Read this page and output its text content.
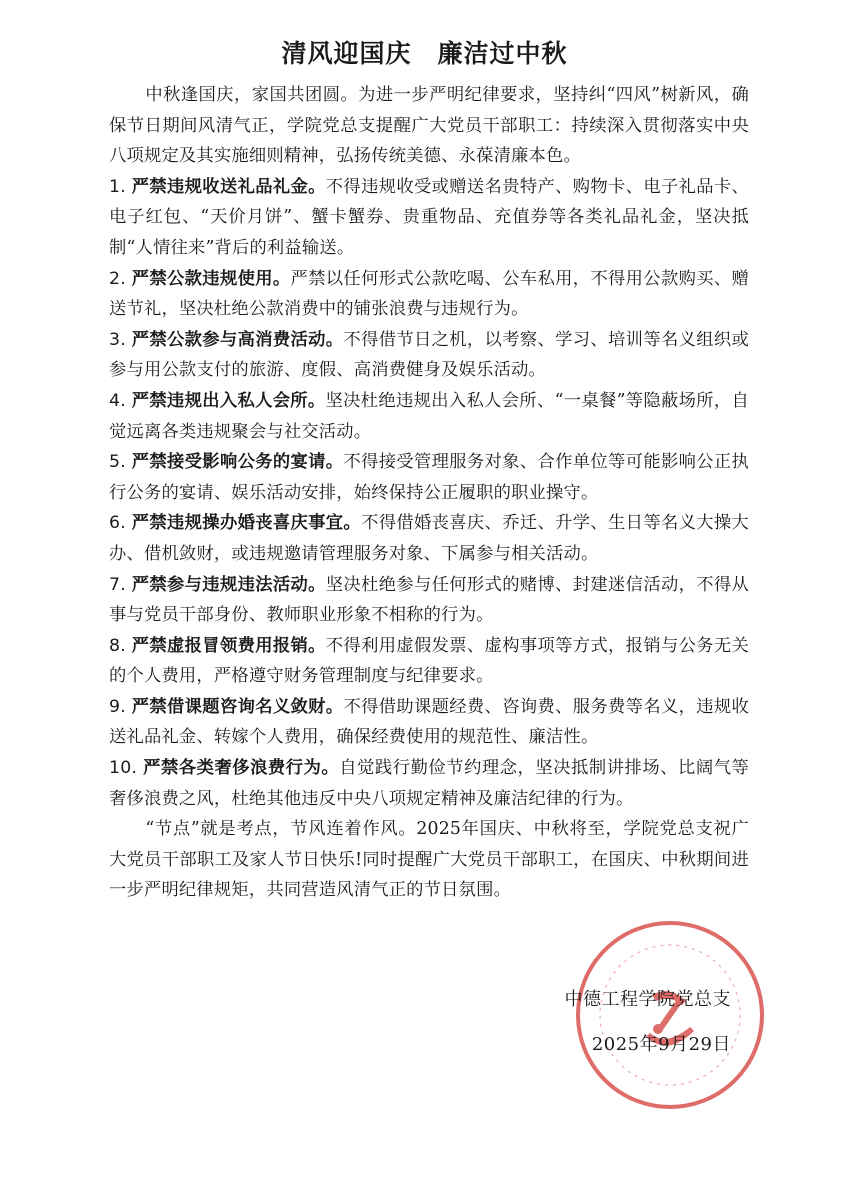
清风迎国庆　廉洁过中秋

中秋逢国庆，家国共团圆。为进一步严明纪律要求，坚持纠“四风”树新风，确保节日期间风清气正，学院党总支提醒广大党员干部职工：持续深入贯彻落实中央八项规定及其实施细则精神，弘扬传统美德、永葆清廉本色。

1. 严禁违规收送礼品礼金。不得违规收受或赠送名贵特产、购物卡、电子礼品卡、电子红包、“天价月饼”、蟹卡蟹券、贵重物品、充值券等各类礼品礼金，坚决抵制“人情往来”背后的利益输送。

2. 严禁公款违规使用。严禁以任何形式公款吃喝、公车私用，不得用公款购买、赠送节礼，坚决杜绝公款消费中的铺张浪费与违规行为。

3. 严禁公款参与高消费活动。不得借节日之机，以考察、学习、培训等名义组织或参与用公款支付的旅游、度假、高消费健身及娱乐活动。

4. 严禁违规出入私人会所。坚决杜绝违规出入私人会所、“一桌餐”等隐蔽场所，自觉远离各类违规聚会与社交活动。

5. 严禁接受影响公务的宴请。不得接受管理服务对象、合作单位等可能影响公正执行公务的宴请、娱乐活动安排，始终保持公正履职的职业操守。

6. 严禁违规操办婚丧喜庆事宜。不得借婚丧喜庆、乔迁、升学、生日等名义大操大办、借机敛财，或违规邀请管理服务对象、下属参与相关活动。

7. 严禁参与违规违法活动。坚决杜绝参与任何形式的赌博、封建迷信活动，不得从事与党员干部身份、教师职业形象不相称的行为。

8. 严禁虚报冒领费用报销。不得利用虚假发票、虚构事项等方式，报销与公务无关的个人费用，严格遵守财务管理制度与纪律要求。

9. 严禁借课题咨询名义敛财。不得借助课题经费、咨询费、服务费等名义，违规收送礼品礼金、转嫁个人费用，确保经费使用的规范性、廉洁性。

10. 严禁各类奢侈浪费行为。自觉践行勤俭节约理念，坚决抵制讲排场、比阔气等奢侈浪费之风，杜绝其他违反中央八项规定精神及廉洁纪律的行为。

“节点”就是考点，节风连着作风。2025年国庆、中秋将至，学院党总支祝广大党员干部职工及家人节日快乐!同时提醒广大党员干部职工，在国庆、中秋期间进一步严明纪律规矩，共同营造风清气正的节日氛围。

中德工程学院党总支
2025年9月29日
